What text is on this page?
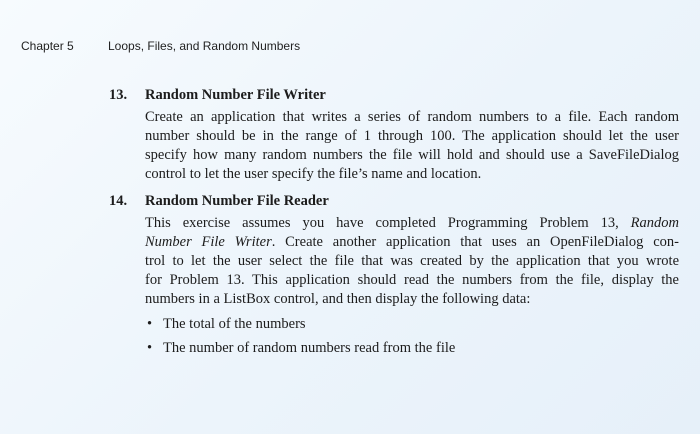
Chapter 5	Loops, Files, and Random Numbers
13. Random Number File Writer
Create an application that writes a series of random numbers to a file. Each random
number should be in the range of 1 through 100. The application should let the user
specify how many random numbers the file will hold and should use a SaveFileDialog
control to let the user specify the file’s name and location.
14. Random Number File Reader
This exercise assumes you have completed Programming Problem 13, Random
Number File Writer. Create another application that uses an OpenFileDialog con-
trol to let the user select the file that was created by the application that you wrote
for Problem 13. This application should read the numbers from the file, display the
numbers in a ListBox control, and then display the following data:
• The total of the numbers
• The number of random numbers read from the file
